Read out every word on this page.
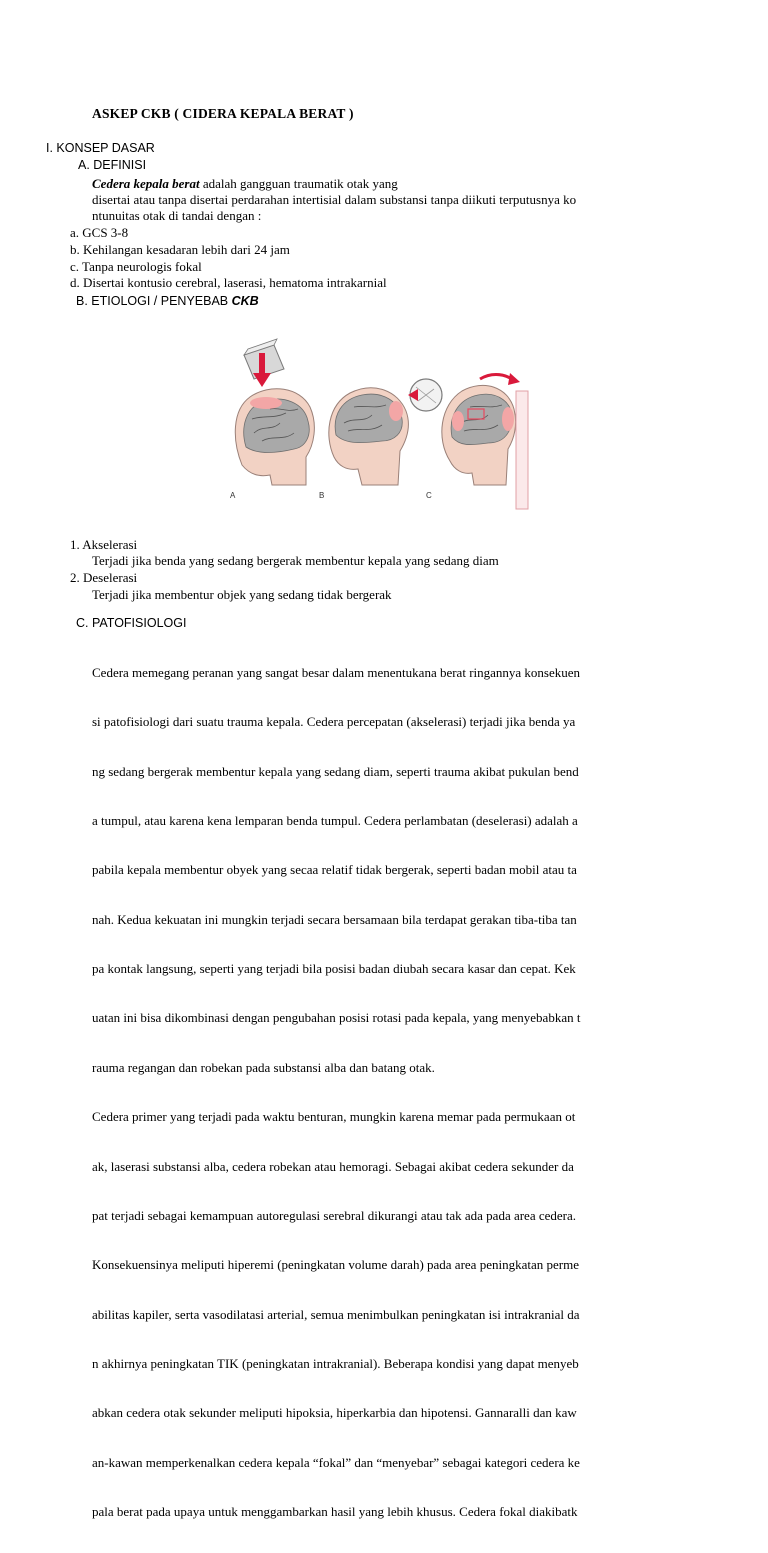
ASKEP CKB ( CIDERA KEPALA BERAT )
I. KONSEP DASAR
A. DEFINISI
Cedera kepala berat adalah gangguan traumatik otak yang
disertai atau tanpa disertai perdarahan intertisial dalam substansi tanpa diikuti terputusnya ko
ntunuitas otak di tandai dengan :
a. GCS 3-8
b. Kehilangan kesadaran lebih dari 24 jam
c. Tanpa neurologis fokal
d. Disertai kontusio cerebral, laserasi, hematoma intrakarnial
B. ETIOLOGI / PENYEBAB CKB
A	B	C
1. Akselerasi
Terjadi jika benda yang sedang bergerak membentur kepala yang sedang diam
2. Deselerasi
Terjadi jika membentur objek yang sedang tidak bergerak
C. PATOFISIOLOGI

Cedera memegang peranan yang sangat besar dalam menentukana berat ringannya konsekuen

si patofisiologi dari suatu trauma kepala. Cedera percepatan (akselerasi) terjadi jika benda ya

ng sedang bergerak membentur kepala yang sedang diam, seperti trauma akibat pukulan bend

a tumpul, atau karena kena lemparan benda tumpul. Cedera perlambatan (deselerasi) adalah a

pabila kepala membentur obyek yang secaa relatif tidak bergerak, seperti badan mobil atau ta

nah. Kedua kekuatan ini mungkin terjadi secara bersamaan bila terdapat gerakan tiba-tiba tan

pa kontak langsung, seperti yang terjadi bila posisi badan diubah secara kasar dan cepat. Kek

uatan ini bisa dikombinasi dengan pengubahan posisi rotasi pada kepala, yang menyebabkan t

rauma regangan dan robekan pada substansi alba dan batang otak.

Cedera primer yang terjadi pada waktu benturan, mungkin karena memar pada permukaan ot

ak, laserasi substansi alba, cedera robekan atau hemoragi. Sebagai akibat cedera sekunder da

pat terjadi sebagai kemampuan autoregulasi serebral dikurangi atau tak ada pada area cedera.

Konsekuensinya meliputi hiperemi (peningkatan volume darah) pada area peningkatan perme

abilitas kapiler, serta vasodilatasi arterial, semua menimbulkan peningkatan isi intrakranial da

n akhirnya peningkatan TIK (peningkatan intrakranial). Beberapa kondisi yang dapat menyeb

abkan cedera otak sekunder meliputi hipoksia, hiperkarbia dan hipotensi. Gannaralli dan kaw

an-kawan memperkenalkan cedera kepala “fokal” dan “menyebar” sebagai kategori cedera ke

pala berat pada upaya untuk menggambarkan hasil yang lebih khusus. Cedera fokal diakibatk
